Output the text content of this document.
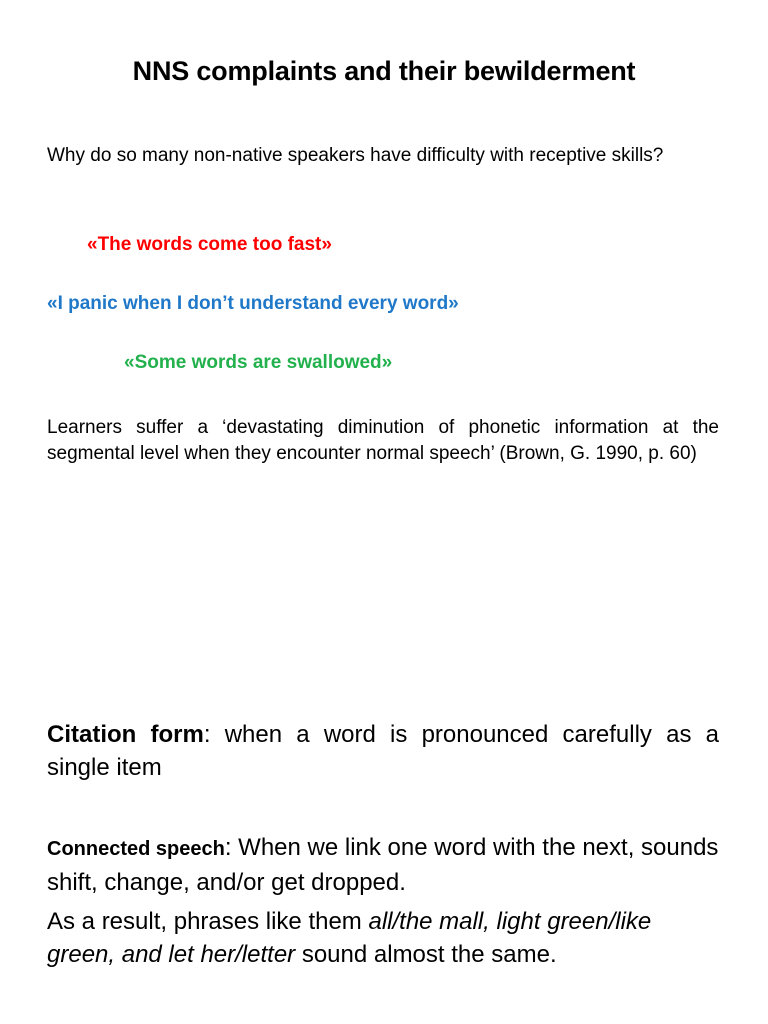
NNS complaints and their bewilderment
Why do so many non-native speakers have difficulty with receptive skills?
«The words come too fast»
«I panic when I don’t understand every word»
«Some words are swallowed»
Learners suffer a ‘devastating diminution of phonetic information at the segmental level when they encounter normal speech’ (Brown, G. 1990, p. 60)
Citation form: when a word is pronounced carefully as a single item
Connected speech: When we link one word with the next, sounds shift, change, and/or get dropped.
As a result, phrases like them all/the mall, light green/like green, and let her/letter sound almost the same.
